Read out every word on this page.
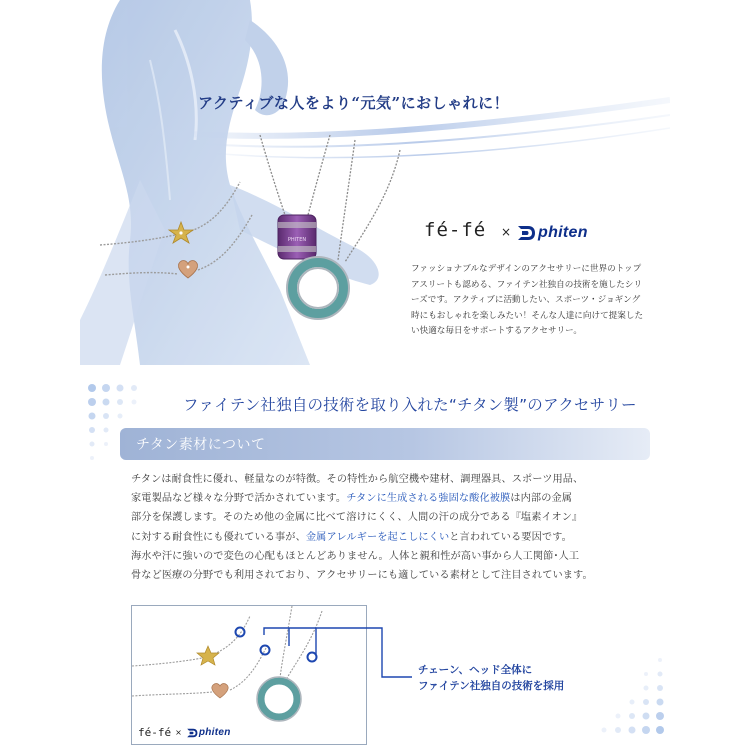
PHITEN
アクティブな人をより“元気”におしゃれに！
fé-fé × phiten
ファッショナブルなデザインのアクセサリーに世界のトップ
アスリートも認める、ファイテン社独自の技術を施したシリ
ーズです。アクティブに活動したい、スポーツ・ジョギング
時にもおしゃれを楽しみたい！そんな人達に向けて提案した
い快適な毎日をサポートするアクセサリー。
ファイテン社独自の技術を取り入れた“チタン製”のアクセサリー
チタン素材について
チタンは耐食性に優れ、軽量なのが特徴。その特性から航空機や建材、調理器具、スポーツ用品、
家電製品など様々な分野で活かされています。チタンに生成される強固な酸化被膜は内部の金属
部分を保護します。そのため他の金属に比べて溶けにくく、人間の汗の成分である『塩素イオン』
に対する耐食性にも優れている事が、金属アレルギーを起こしにくいと言われている要因です。
海水や汗に強いので変色の心配もほとんどありません。人体と親和性が高い事から人工関節･人工
骨など医療の分野でも利用されており、アクセサリーにも適している素材として注目されています。
fé-fé × phiten
チェーン、ヘッド全体に
ファイテン社独自の技術を採用
